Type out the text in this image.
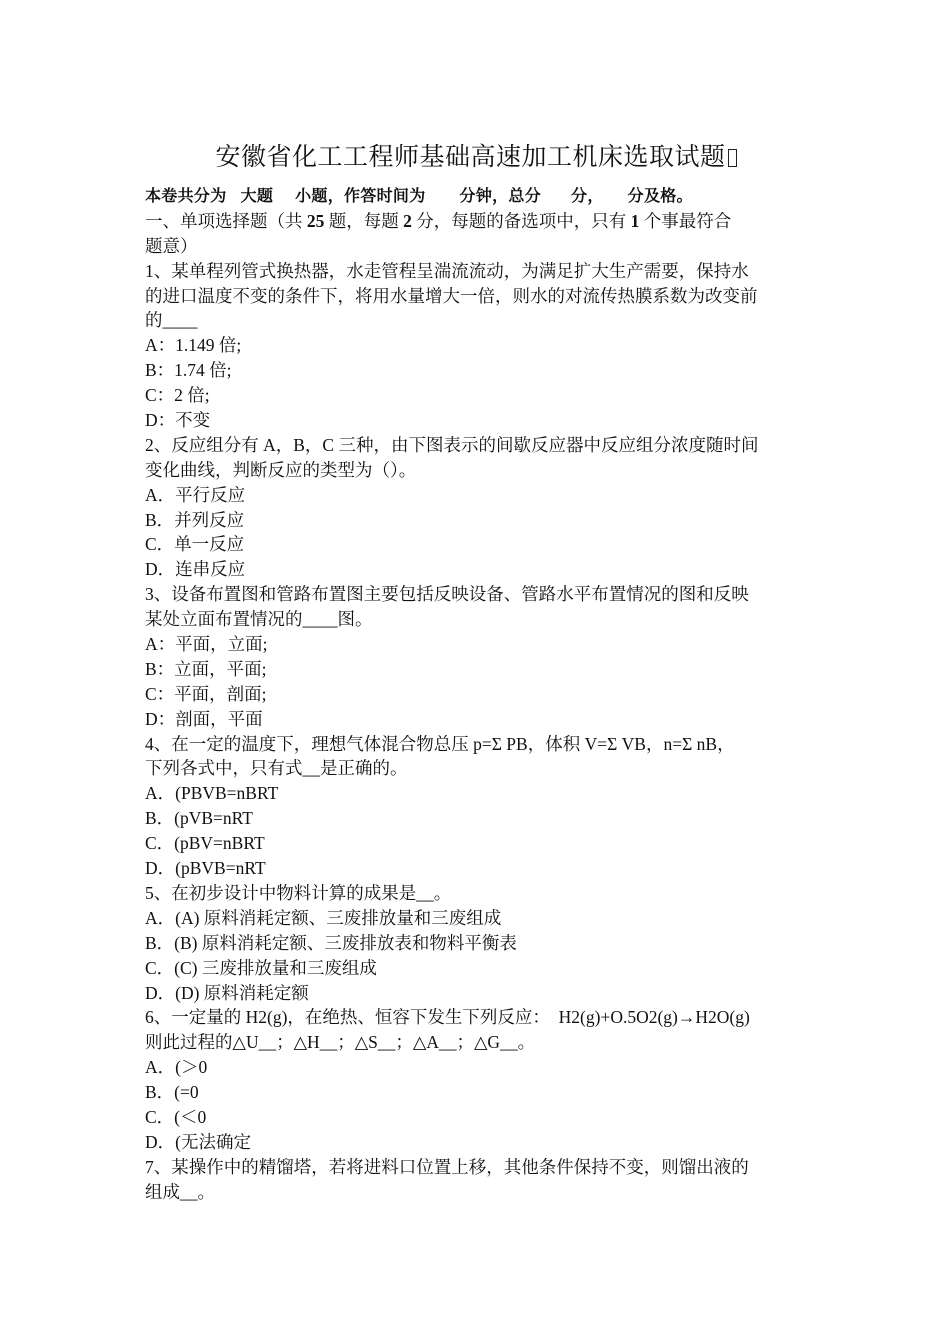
安徽省化工工程师基础高速加工机床选取试题
本卷共分为 大题 小题，作答时间为 分钟，总分 分， 分及格。
一、单项选择题（共 25 题，每题 2 分，每题的备选项中，只有 1 个事最符合
题意）
1、某单程列管式换热器，水走管程呈湍流流动，为满足扩大生产需要，保持水
的进口温度不变的条件下，将用水量增大一倍，则水的对流传热膜系数为改变前
的____
A：1.149 倍;
B：1.74 倍;
C：2 倍;
D：不变
2、反应组分有 A，B，C 三种，由下图表示的间歇反应器中反应组分浓度随时间
变化曲线，判断反应的类型为（）。
A．平行反应
B．并列反应
C．单一反应
D．连串反应
3、设备布置图和管路布置图主要包括反映设备、管路水平布置情况的图和反映
某处立面布置情况的____图。
A：平面，立面;
B：立面，平面;
C：平面，剖面;
D：剖面，平面
4、在一定的温度下，理想气体混合物总压 p=Σ PB，体积 V=Σ VB，n=Σ nB，
下列各式中，只有式__是正确的。
A．(PBVB=nBRT
B．(pVB=nRT
C．(pBV=nBRT
D．(pBVB=nRT
5、在初步设计中物料计算的成果是__。
A．(A) 原料消耗定额、三废排放量和三废组成
B．(B) 原料消耗定额、三废排放表和物料平衡表
C．(C) 三废排放量和三废组成
D．(D) 原料消耗定额
6、一定量的 H2(g)，在绝热、恒容下发生下列反应：　H2(g)+O.5O2(g)→H2O(g)
则此过程的△U__；△H__；△S__；△A__；△G__。
A．(＞0
B．(=0
C．(＜0
D．(无法确定
7、某操作中的精馏塔，若将进料口位置上移，其他条件保持不变，则馏出液的
组成__。
